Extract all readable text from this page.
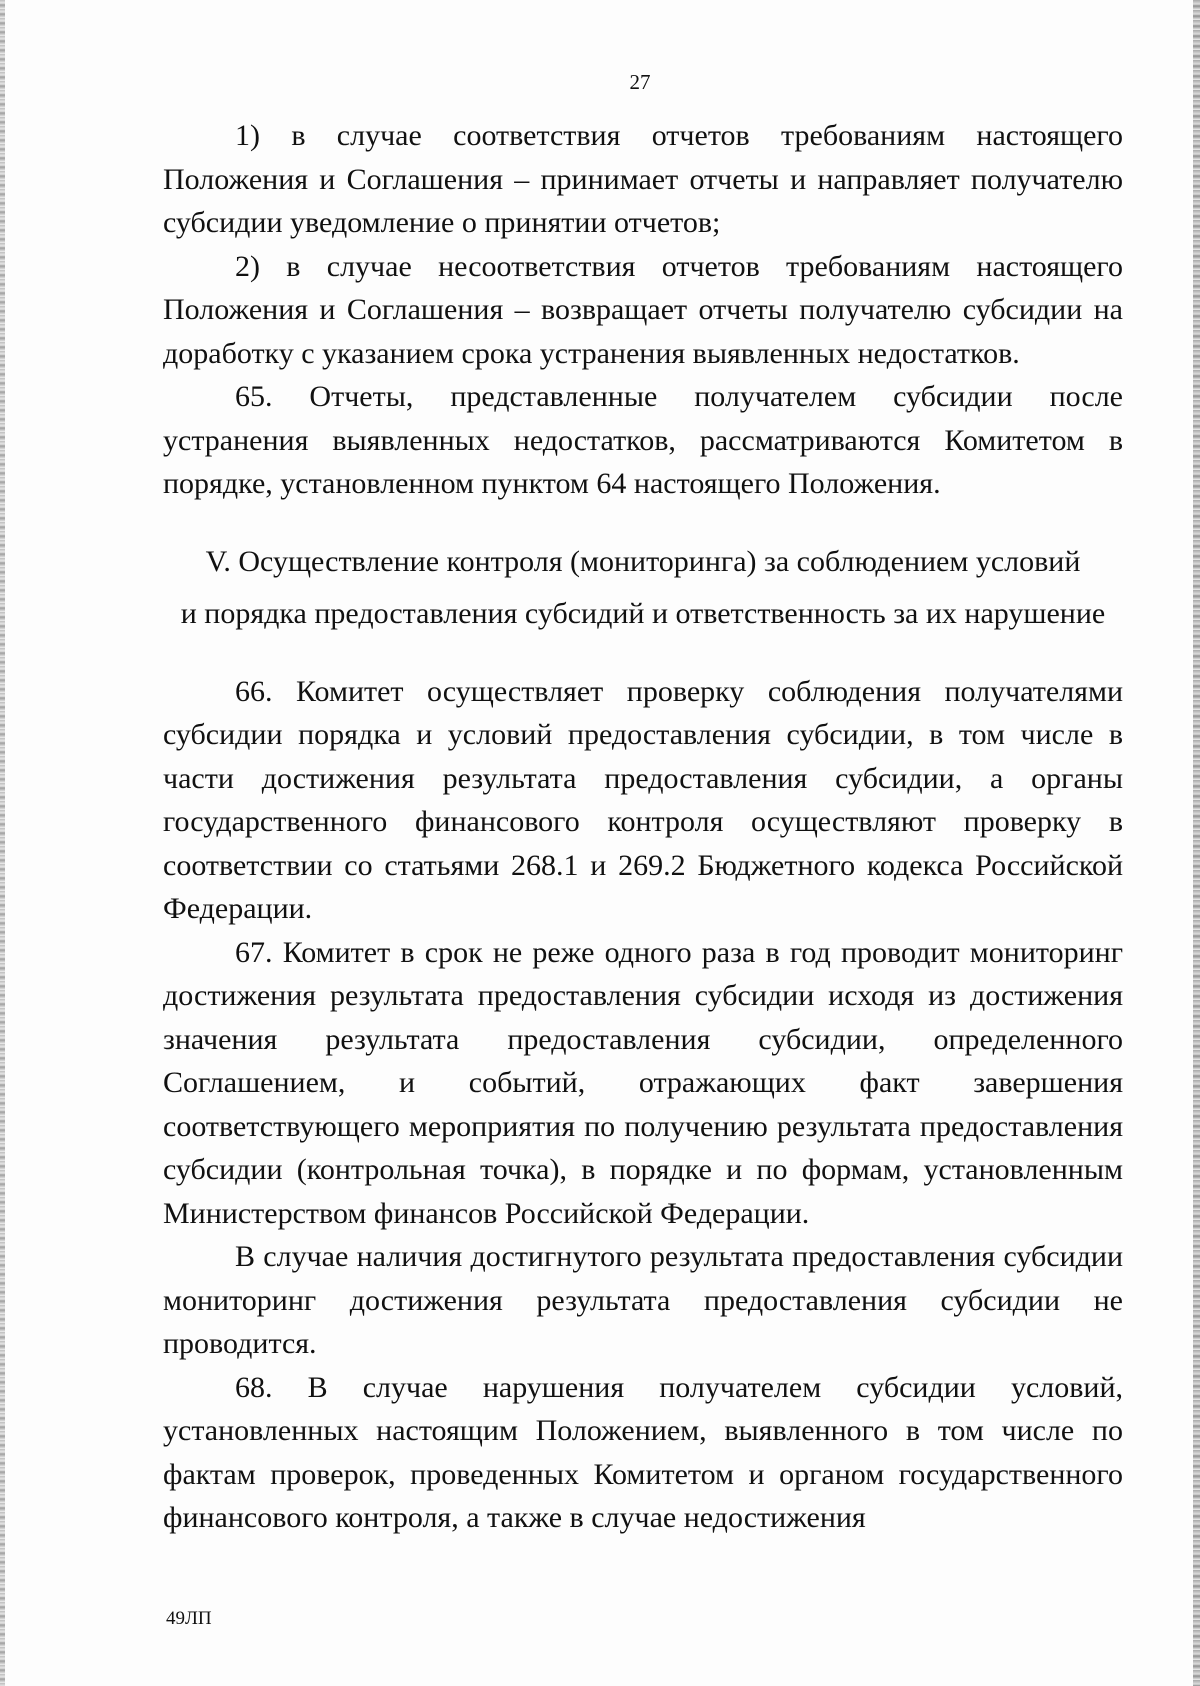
27

1) в случае соответствия отчетов требованиям настоящего Положения и Соглашения – принимает отчеты и направляет получателю субсидии уведомление о принятии отчетов;

2) в случае несоответствия отчетов требованиям настоящего Положения и Соглашения – возвращает отчеты получателю субсидии на доработку с указанием срока устранения выявленных недостатков.

65. Отчеты, представленные получателем субсидии после устранения выявленных недостатков, рассматриваются Комитетом в порядке, установленном пунктом 64 настоящего Положения.

V. Осуществление контроля (мониторинга) за соблюдением условий
и порядка предоставления субсидий и ответственность за их нарушение

66. Комитет осуществляет проверку соблюдения получателями субсидии порядка и условий предоставления субсидии, в том числе в части достижения результата предоставления субсидии, а органы государственного финансового контроля осуществляют проверку в соответствии со статьями 268.1 и 269.2 Бюджетного кодекса Российской Федерации.

67. Комитет в срок не реже одного раза в год проводит мониторинг достижения результата предоставления субсидии исходя из достижения значения результата предоставления субсидии, определенного Соглашением, и событий, отражающих факт завершения соответствующего мероприятия по получению результата предоставления субсидии (контрольная точка), в порядке и по формам, установленным Министерством финансов Российской Федерации.

В случае наличия достигнутого результата предоставления субсидии мониторинг достижения результата предоставления субсидии не проводится.

68. В случае нарушения получателем субсидии условий, установленных настоящим Положением, выявленного в том числе по фактам проверок, проведенных Комитетом и органом государственного финансового контроля, а также в случае недостижения

49ЛП
